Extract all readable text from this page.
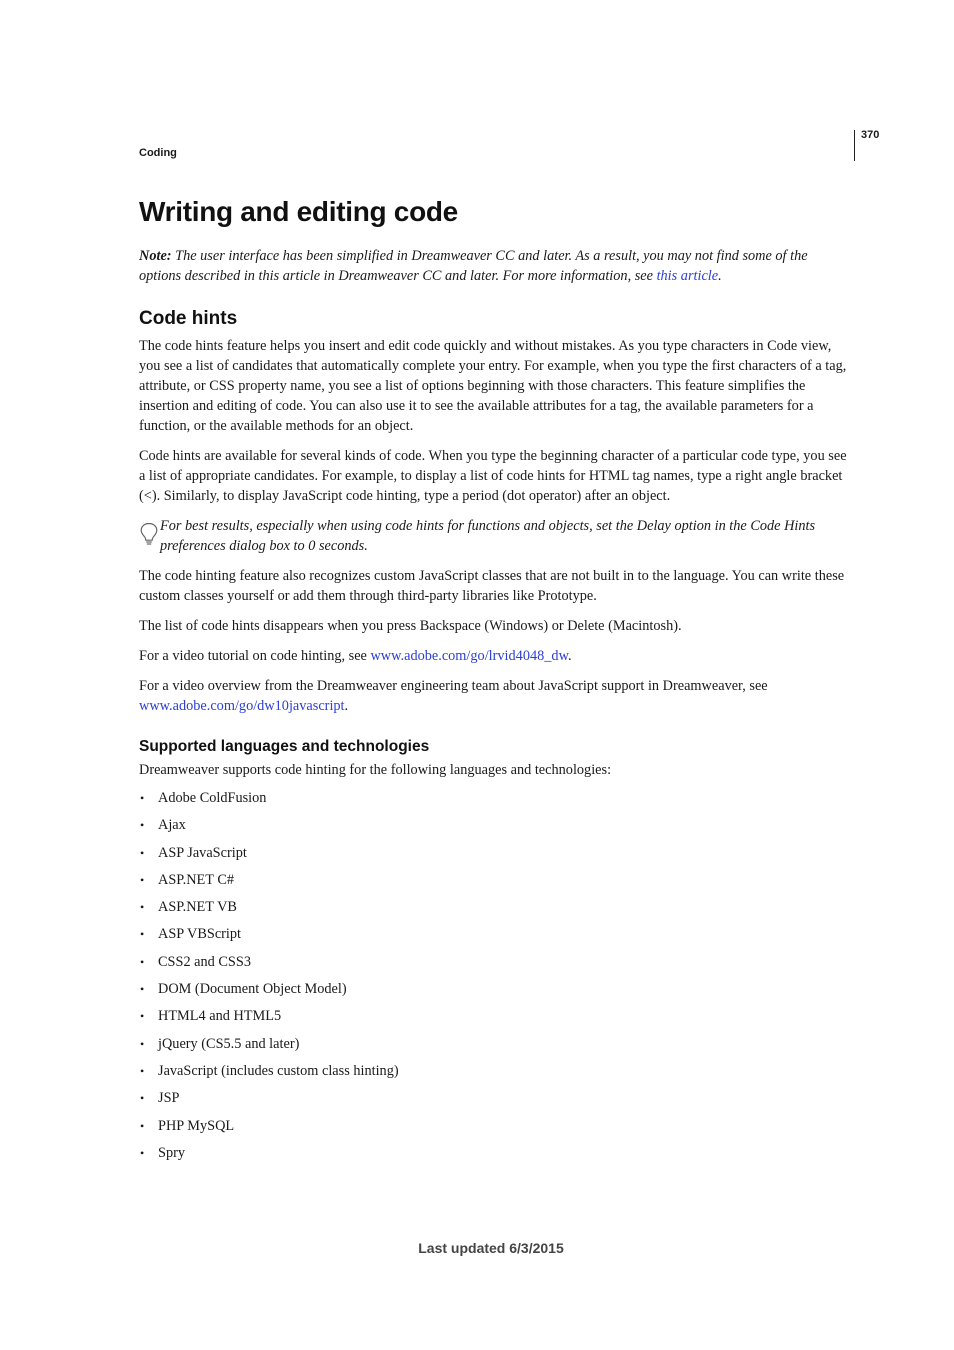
Coding
370
Writing and editing code

Note: The user interface has been simplified in Dreamweaver CC and later. As a result, you may not find some of the options described in this article in Dreamweaver CC and later. For more information, see this article.

Code hints

The code hints feature helps you insert and edit code quickly and without mistakes. As you type characters in Code view, you see a list of candidates that automatically complete your entry. For example, when you type the first characters of a tag, attribute, or CSS property name, you see a list of options beginning with those characters. This feature simplifies the insertion and editing of code. You can also use it to see the available attributes for a tag, the available parameters for a function, or the available methods for an object.

Code hints are available for several kinds of code. When you type the beginning character of a particular code type, you see a list of appropriate candidates. For example, to display a list of code hints for HTML tag names, type a right angle bracket (<). Similarly, to display JavaScript code hinting, type a period (dot operator) after an object.

For best results, especially when using code hints for functions and objects, set the Delay option in the Code Hints preferences dialog box to 0 seconds.

The code hinting feature also recognizes custom JavaScript classes that are not built in to the language. You can write these custom classes yourself or add them through third-party libraries like Prototype.

The list of code hints disappears when you press Backspace (Windows) or Delete (Macintosh).

For a video tutorial on code hinting, see www.adobe.com/go/lrvid4048_dw.

For a video overview from the Dreamweaver engineering team about JavaScript support in Dreamweaver, see www.adobe.com/go/dw10javascript.

Supported languages and technologies

Dreamweaver supports code hinting for the following languages and technologies:

• Adobe ColdFusion
• Ajax
• ASP JavaScript
• ASP.NET C#
• ASP.NET VB
• ASP VBScript
• CSS2 and CSS3
• DOM (Document Object Model)
• HTML4 and HTML5
• jQuery (CS5.5 and later)
• JavaScript (includes custom class hinting)
• JSP
• PHP MySQL
• Spry
Last updated 6/3/2015
